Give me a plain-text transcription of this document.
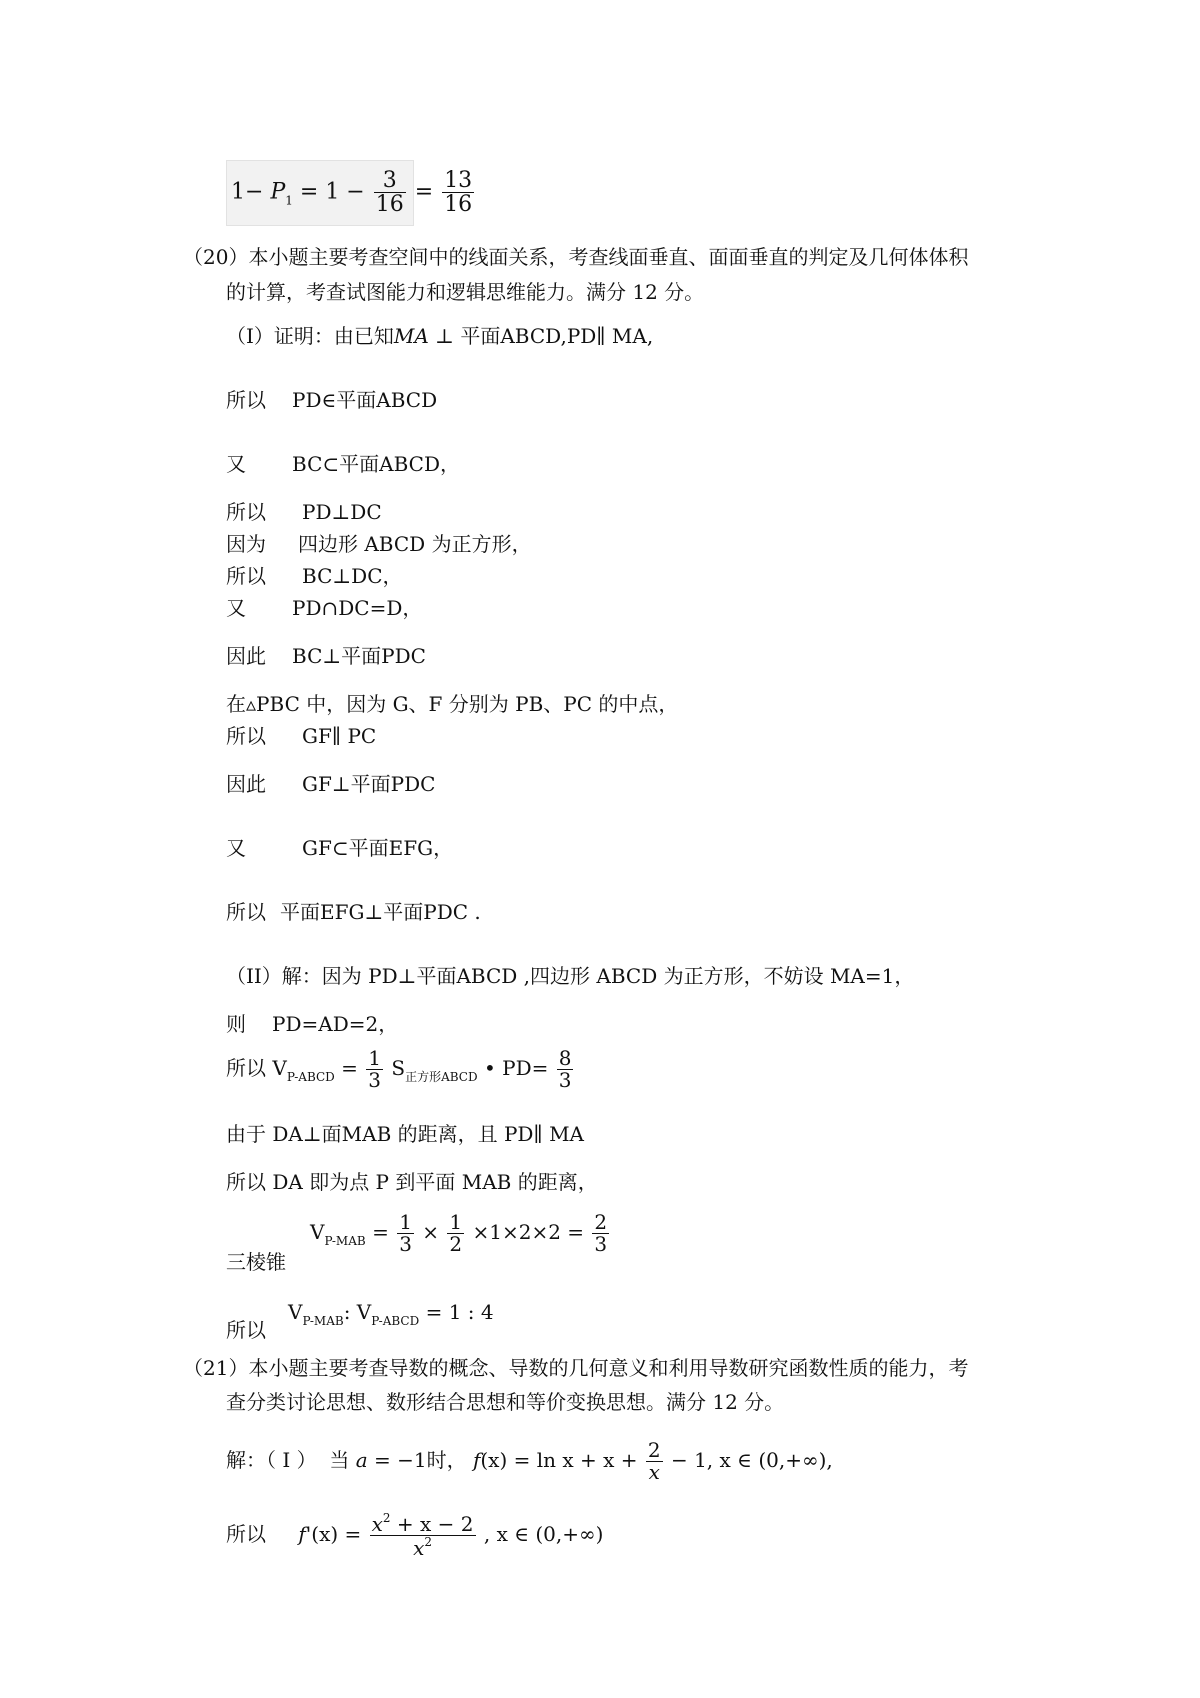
$1- P_1 = 1 - \frac{3}{16} = \frac{13}{16}$
（20）本小题主要考查空间中的线面关系，考查线面垂直、面面垂直的判定及几何体体积
的计算，考查试图能力和逻辑思维能力。满分 12 分。
（I）证明：由已知MA ⊥ 平面ABCD,PD∥ MA,
所以 PD∈平面ABCD
又 BC⊂平面ABCD，
所以 PD⊥DC
因为 四边形 ABCD 为正方形，
所以 BC⊥DC，
又 PD∩DC=D，
因此 BC⊥平面PDC
在▵PBC 中，因为 G、F 分别为 PB、PC 的中点，
所以 GF∥ PC
因此 GF⊥平面PDC
又	GF⊂平面EFG，
所以 平面EFG⊥平面PDC .
（II）解：因为 PD⊥平面ABCD ,四边形 ABCD 为正方形，不妨设 MA=1，
则 PD=AD=2，
所以 $V_{P-ABCD} = \frac{1}{3} S_{正方形ABCD}$ • $PD= \frac{8}{3}$
由于 DA⊥面MAB 的距离，且 PD∥ MA
所以 DA 即为点 P 到平面 MAB 的距离，
三棱锥
$V_{P-MAB} = \frac{1}{3} \times \frac{1}{2} \times 1\times 2\times 2 = \frac{2}{3}$
所以
$V_{P-MAB}$: $V_{P-ABCD} = 1$ : 4
（21）本小题主要考查导数的概念、导数的几何意义和利用导数研究函数性质的能力，考
查分类讨论思想、数形结合思想和等价变换思想。满分 12 分。
解：（ I ） 当 a = −1时， $f(x) = \ln x + x + \frac{2}{x} - 1$, x ∈ (0,+∞),
所以 $f'(x) = \frac{x^2 + x - 2}{x^2}$ , x ∈ (0,+∞)
